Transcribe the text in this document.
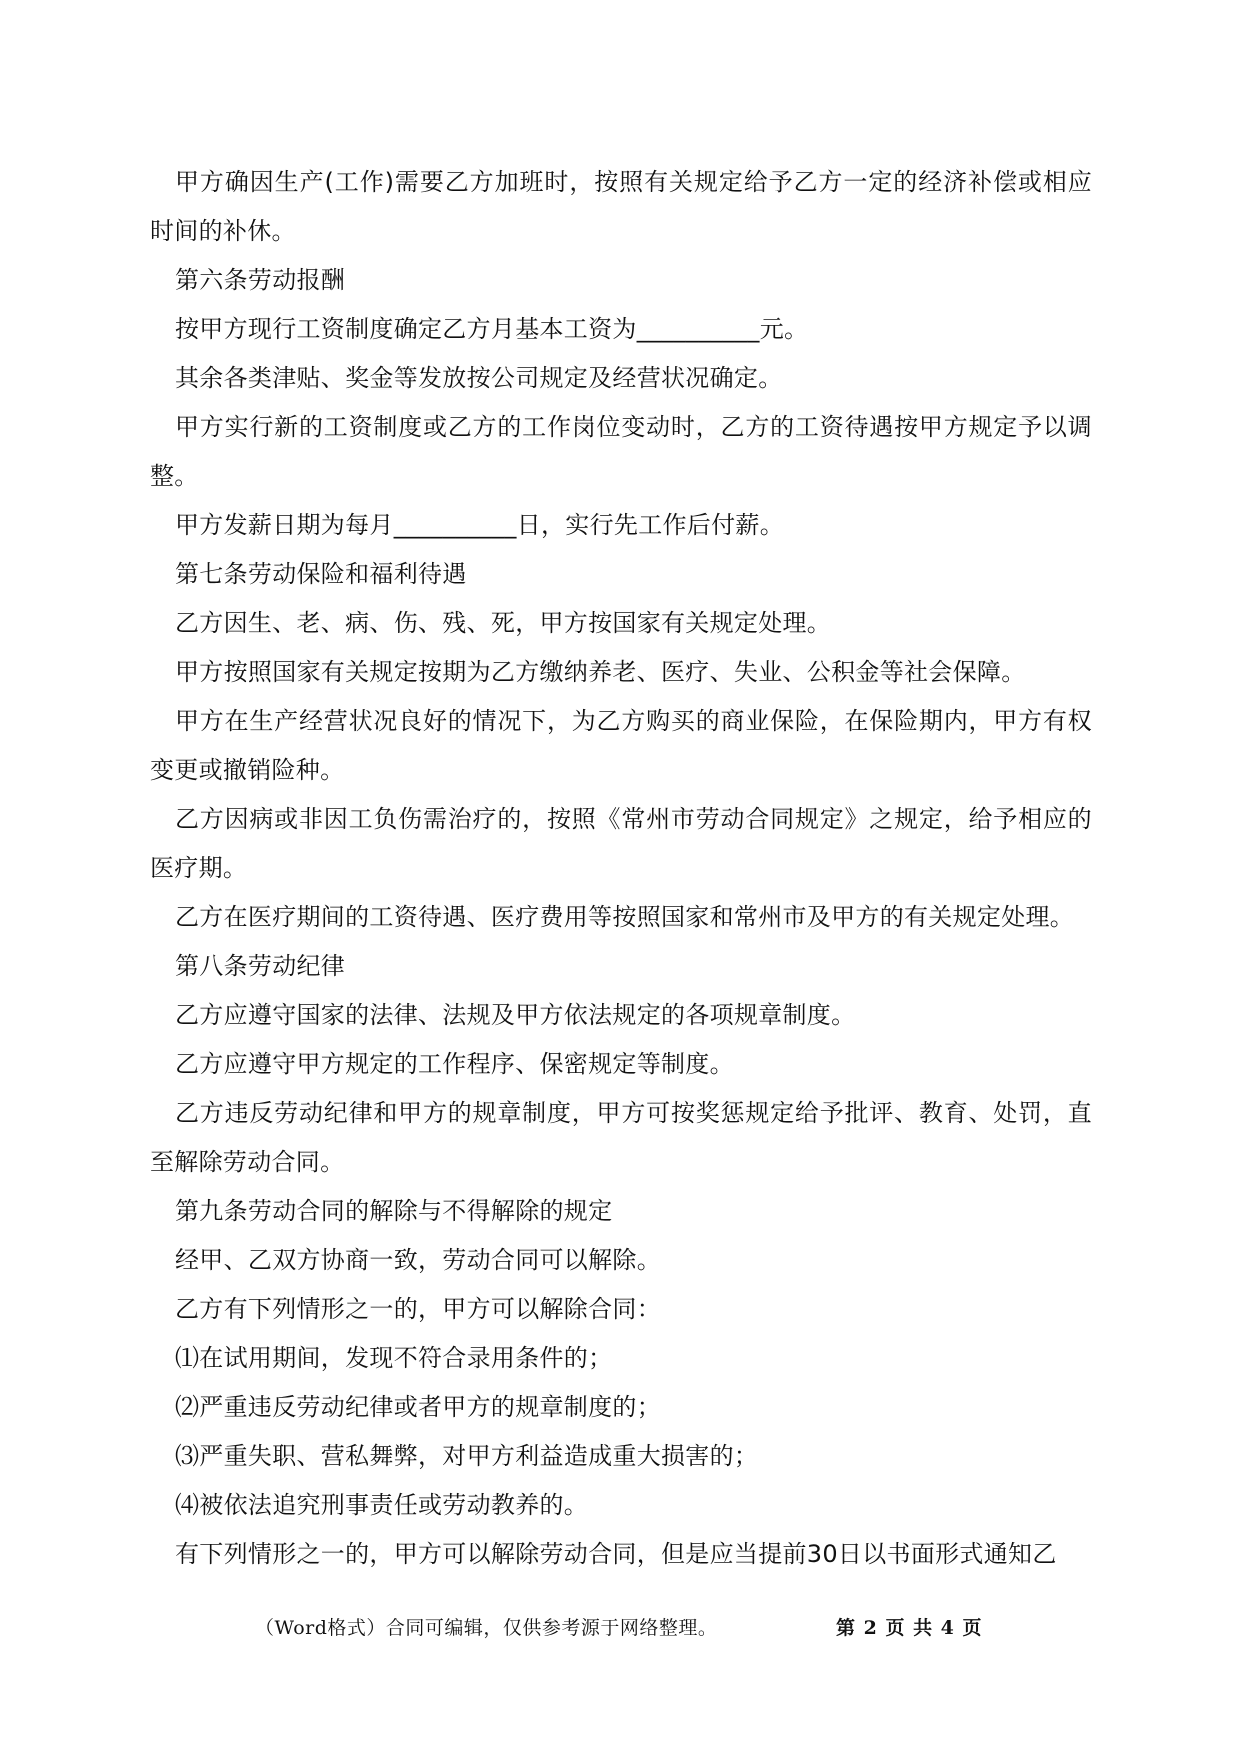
甲方确因生产(工作)需要乙方加班时，按照有关规定给予乙方一定的经济补偿或相应时间的补休。

第六条劳动报酬

按甲方现行工资制度确定乙方月基本工资为__________元。

其余各类津贴、奖金等发放按公司规定及经营状况确定。

甲方实行新的工资制度或乙方的工作岗位变动时，乙方的工资待遇按甲方规定予以调整。

甲方发薪日期为每月__________日，实行先工作后付薪。

第七条劳动保险和福利待遇

乙方因生、老、病、伤、残、死，甲方按国家有关规定处理。

甲方按照国家有关规定按期为乙方缴纳养老、医疗、失业、公积金等社会保障。

甲方在生产经营状况良好的情况下，为乙方购买的商业保险，在保险期内，甲方有权变更或撤销险种。

乙方因病或非因工负伤需治疗的，按照《常州市劳动合同规定》之规定，给予相应的医疗期。

乙方在医疗期间的工资待遇、医疗费用等按照国家和常州市及甲方的有关规定处理。

第八条劳动纪律

乙方应遵守国家的法律、法规及甲方依法规定的各项规章制度。

乙方应遵守甲方规定的工作程序、保密规定等制度。

乙方违反劳动纪律和甲方的规章制度，甲方可按奖惩规定给予批评、教育、处罚，直至解除劳动合同。

第九条劳动合同的解除与不得解除的规定

经甲、乙双方协商一致，劳动合同可以解除。

乙方有下列情形之一的，甲方可以解除合同：

⑴在试用期间，发现不符合录用条件的；

⑵严重违反劳动纪律或者甲方的规章制度的；

⑶严重失职、营私舞弊，对甲方利益造成重大损害的；

⑷被依法追究刑事责任或劳动教养的。

有下列情形之一的，甲方可以解除劳动合同，但是应当提前30日以书面形式通知乙

（Word格式）合同可编辑，仅供参考源于网络整理。	第 2 页 共 4 页
